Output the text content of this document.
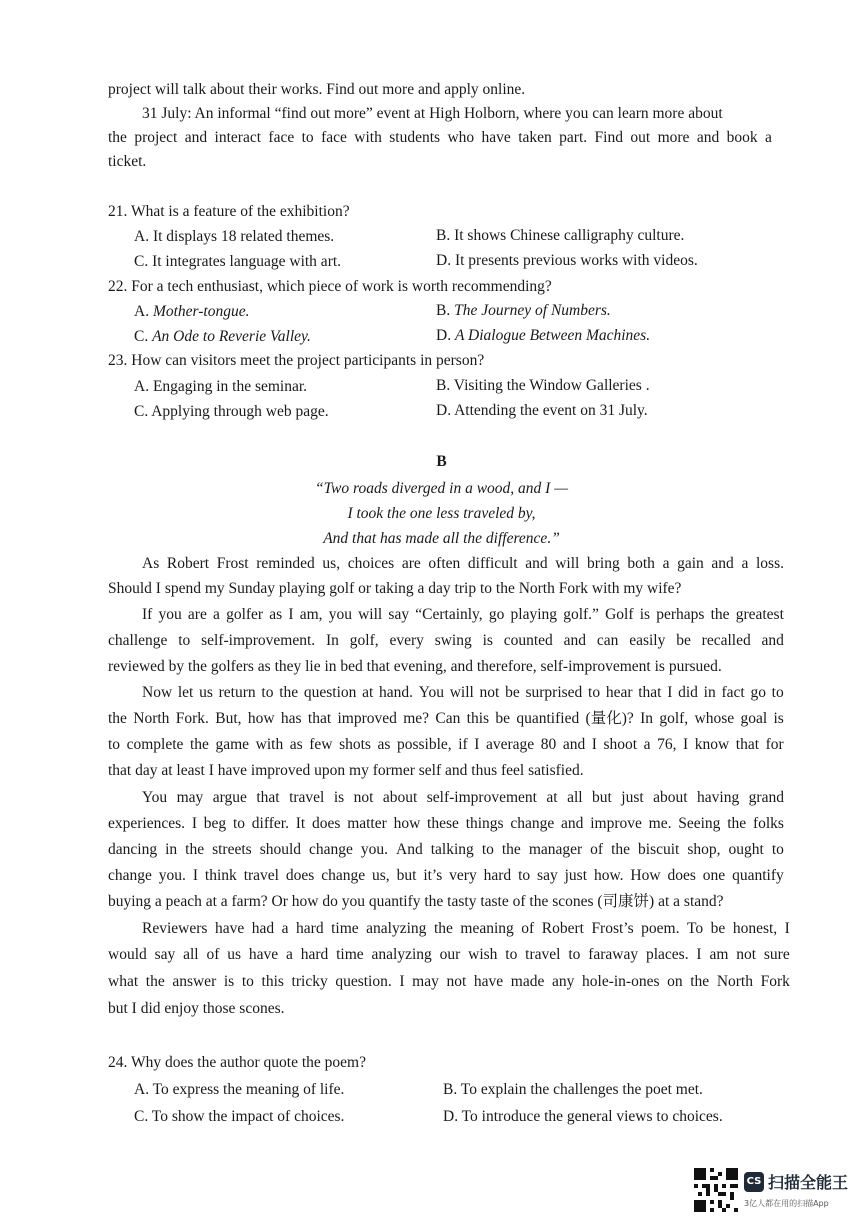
project will talk about their works. Find out more and apply online.
31 July: An informal “find out more” event at High Holborn, where you can learn more about
the project and interact face to face with students who have taken part. Find out more and book a
ticket.
21. What is a feature of the exhibition?
A. It displays 18 related themes.	B. It shows Chinese calligraphy culture.
C. It integrates language with art.	D. It presents previous works with videos.
22. For a tech enthusiast, which piece of work is worth recommending?
A. Mother-tongue.	B. The Journey of Numbers.
C. An Ode to Reverie Valley.	D. A Dialogue Between Machines.
23. How can visitors meet the project participants in person?
A. Engaging in the seminar.	B. Visiting the Window Galleries .
C. Applying through web page.	D. Attending the event on 31 July.
B
“Two roads diverged in a wood, and I —
I took the one less traveled by,
And that has made all the difference.”
As Robert Frost reminded us, choices are often difficult and will bring both a gain and a loss.
Should I spend my Sunday playing golf or taking a day trip to the North Fork with my wife?
If you are a golfer as I am, you will say “Certainly, go playing golf.” Golf is perhaps the greatest
challenge to self-improvement. In golf, every swing is counted and can easily be recalled and
reviewed by the golfers as they lie in bed that evening, and therefore, self-improvement is pursued.
Now let us return to the question at hand. You will not be surprised to hear that I did in fact go to
the North Fork. But, how has that improved me? Can this be quantified (量化)? In golf, whose goal is
to complete the game with as few shots as possible, if I average 80 and I shoot a 76, I know that for
that day at least I have improved upon my former self and thus feel satisfied.
You may argue that travel is not about self-improvement at all but just about having grand
experiences. I beg to differ. It does matter how these things change and improve me. Seeing the folks
dancing in the streets should change you. And talking to the manager of the biscuit shop, ought to
change you. I think travel does change us, but it’s very hard to say just how. How does one quantify
buying a peach at a farm? Or how do you quantify the tasty taste of the scones (司康饼) at a stand?
Reviewers have had a hard time analyzing the meaning of Robert Frost’s poem. To be honest, I
would say all of us have a hard time analyzing our wish to travel to faraway places. I am not sure
what the answer is to this tricky question. I may not have made any hole-in-ones on the North Fork
but I did enjoy those scones.
24. Why does the author quote the poem?
A. To express the meaning of life.	B. To explain the challenges the poet met.
C. To show the impact of choices.	D. To introduce the general views to choices.
CS 扫描全能王
3亿人都在用的扫描App
